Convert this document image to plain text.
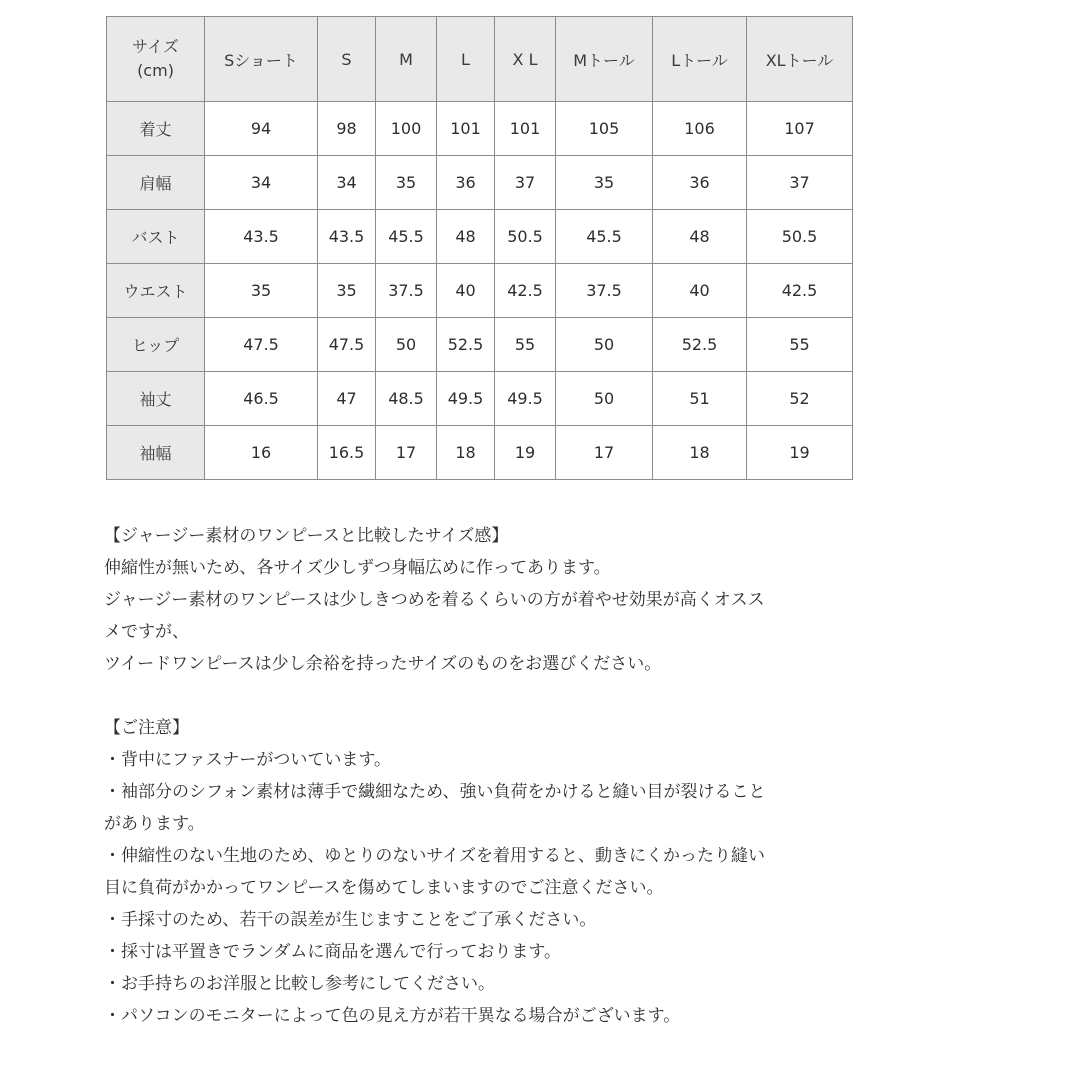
サイズ
(cm)	Sショート	S	M	L	X L	Mトール	Lトール	XLトール
着丈	94	98	100	101	101	105	106	107
肩幅	34	34	35	36	37	35	36	37
バスト	43.5	43.5	45.5	48	50.5	45.5	48	50.5
ウエスト	35	35	37.5	40	42.5	37.5	40	42.5
ヒップ	47.5	47.5	50	52.5	55	50	52.5	55
袖丈	46.5	47	48.5	49.5	49.5	50	51	52
袖幅	16	16.5	17	18	19	17	18	19

【ジャージー素材のワンピースと比較したサイズ感】

伸縮性が無いため、各サイズ少しずつ身幅広めに作ってあります。

ジャージー素材のワンピースは少しきつめを着るくらいの方が着やせ効果が高くオスス

メですが、

ツイードワンピースは少し余裕を持ったサイズのものをお選びください。

【ご注意】

・背中にファスナーがついています。

・袖部分のシフォン素材は薄手で繊細なため、強い負荷をかけると縫い目が裂けること

があります。

・伸縮性のない生地のため、ゆとりのないサイズを着用すると、動きにくかったり縫い

目に負荷がかかってワンピースを傷めてしまいますのでご注意ください。

・手採寸のため、若干の誤差が生じますことをご了承ください。

・採寸は平置きでランダムに商品を選んで行っております。

・お手持ちのお洋服と比較し参考にしてください。

・パソコンのモニターによって色の見え方が若干異なる場合がございます。
